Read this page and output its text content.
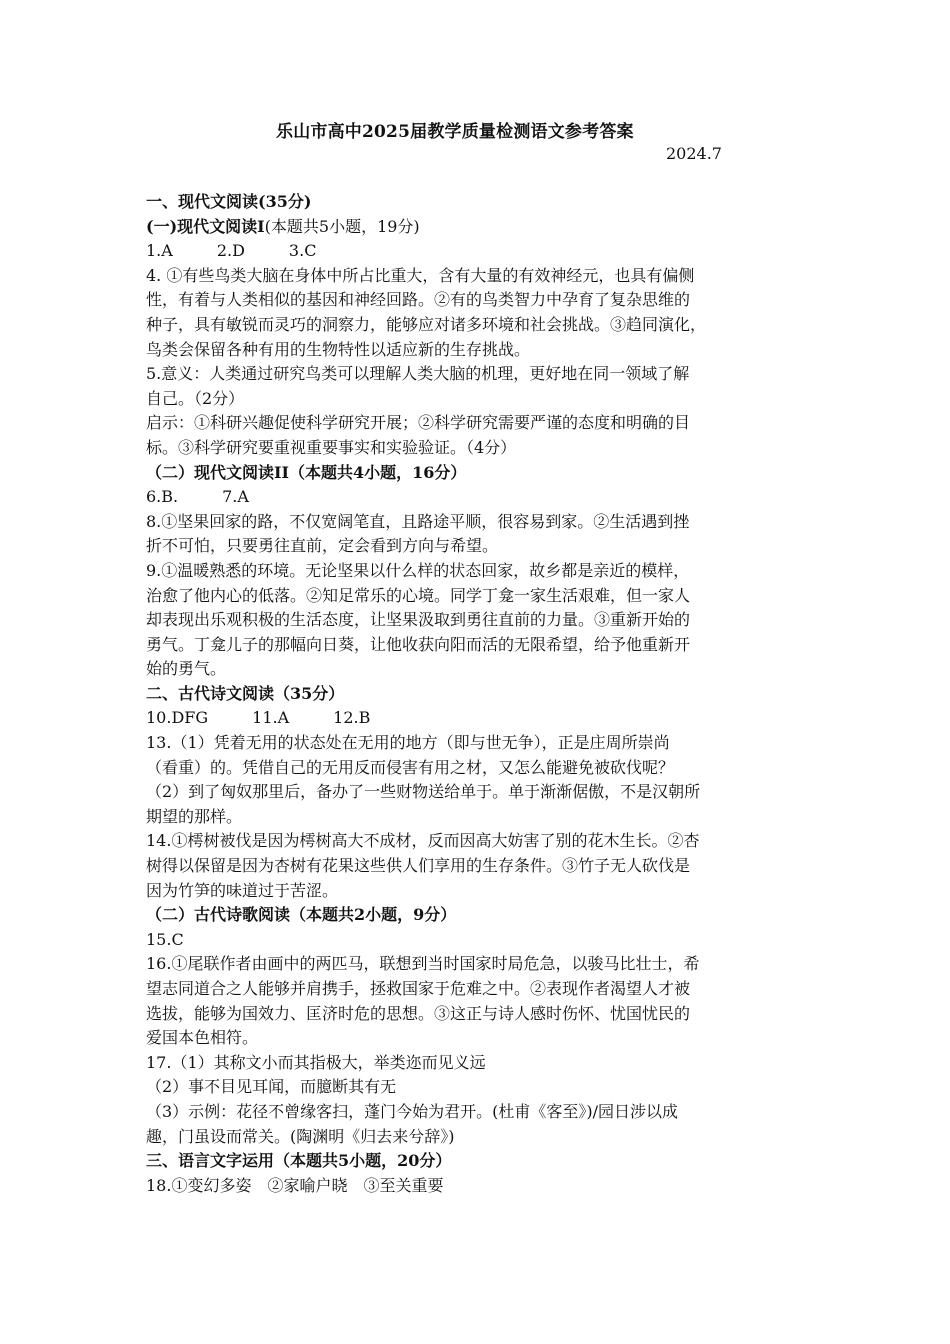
乐山市高中2025届教学质量检测语文参考答案
2024.7
一、现代文阅读(35分)
(一)现代文阅读Ⅰ(本题共5小题，19分)
1.A	2.D	3.C
4. ①有些鸟类大脑在身体中所占比重大，含有大量的有效神经元，也具有偏侧
性，有着与人类相似的基因和神经回路。②有的鸟类智力中孕育了复杂思维的
种子，具有敏锐而灵巧的洞察力，能够应对诸多环境和社会挑战。③趋同演化，
鸟类会保留各种有用的生物特性以适应新的生存挑战。
5.意义：人类通过研究鸟类可以理解人类大脑的机理，更好地在同一领域了解
自己。（2分）
启示：①科研兴趣促使科学研究开展；②科学研究需要严谨的态度和明确的目
标。③科学研究要重视重要事实和实验验证。（4分）
（二）现代文阅读II（本题共4小题，16分）
6.B.	7.A
8.①坚果回家的路，不仅宽阔笔直，且路途平顺，很容易到家。②生活遇到挫
折不可怕，只要勇往直前，定会看到方向与希望。
9.①温暖熟悉的环境。无论坚果以什么样的状态回家，故乡都是亲近的模样，
治愈了他内心的低落。②知足常乐的心境。同学丁龛一家生活艰难，但一家人
却表现出乐观积极的生活态度，让坚果汲取到勇往直前的力量。③重新开始的
勇气。丁龛儿子的那幅向日葵，让他收获向阳而活的无限希望，给予他重新开
始的勇气。
二、古代诗文阅读（35分）
10.DFG	11.A	12.B
13.（1）凭着无用的状态处在无用的地方（即与世无争），正是庄周所崇尚
（看重）的。凭借自己的无用反而侵害有用之材，又怎么能避免被砍伐呢？
（2）到了匈奴那里后，备办了一些财物送给单于。单于渐渐倨傲，不是汉朝所
期望的那样。
14.①樗树被伐是因为樗树高大不成材，反而因高大妨害了别的花木生长。②杏
树得以保留是因为杏树有花果这些供人们享用的生存条件。③竹子无人砍伐是
因为竹笋的味道过于苦涩。
（二）古代诗歌阅读（本题共2小题，9分）
15.C
16.①尾联作者由画中的两匹马，联想到当时国家时局危急，以骏马比壮士，希
望志同道合之人能够并肩携手，拯救国家于危难之中。②表现作者渴望人才被
选拔，能够为国效力、匡济时危的思想。③这正与诗人感时伤怀、忧国忧民的
爱国本色相符。
17.（1）其称文小而其指极大，举类迩而见义远
（2）事不目见耳闻，而臆断其有无
（3）示例：花径不曾缘客扫，蓬门今始为君开。(杜甫《客至》)/园日涉以成
趣，门虽设而常关。(陶渊明《归去来兮辞》)
三、语言文字运用（本题共5小题，20分）
18.①变幻多姿　②家喻户晓　③至关重要
